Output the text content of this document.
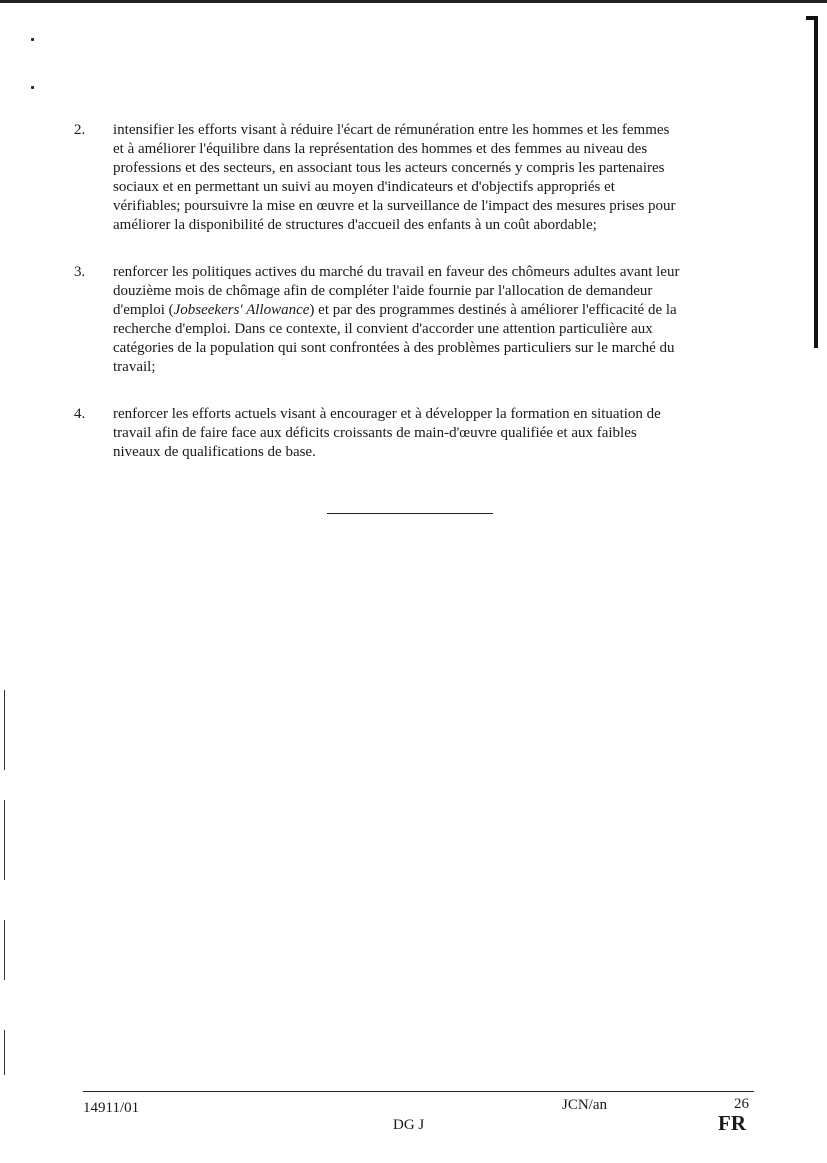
2. intensifier les efforts visant à réduire l'écart de rémunération entre les hommes et les femmes
et à améliorer l'équilibre dans la représentation des hommes et des femmes au niveau des
professions et des secteurs, en associant tous les acteurs concernés y compris les partenaires
sociaux et en permettant un suivi au moyen d'indicateurs et d'objectifs appropriés et
vérifiables; poursuivre la mise en œuvre et la surveillance de l'impact des mesures prises pour
améliorer la disponibilité de structures d'accueil des enfants à un coût abordable;

3. renforcer les politiques actives du marché du travail en faveur des chômeurs adultes avant leur
douzième mois de chômage afin de compléter l'aide fournie par l'allocation de demandeur
d'emploi (Jobseekers' Allowance) et par des programmes destinés à améliorer l'efficacité de la
recherche d'emploi. Dans ce contexte, il convient d'accorder une attention particulière aux
catégories de la population qui sont confrontées à des problèmes particuliers sur le marché du
travail;

4. renforcer les efforts actuels visant à encourager et à développer la formation en situation de
travail afin de faire face aux déficits croissants de main-d'œuvre qualifiée et aux faibles
niveaux de qualifications de base.

14911/01	JCN/an	26
DG J	FR
